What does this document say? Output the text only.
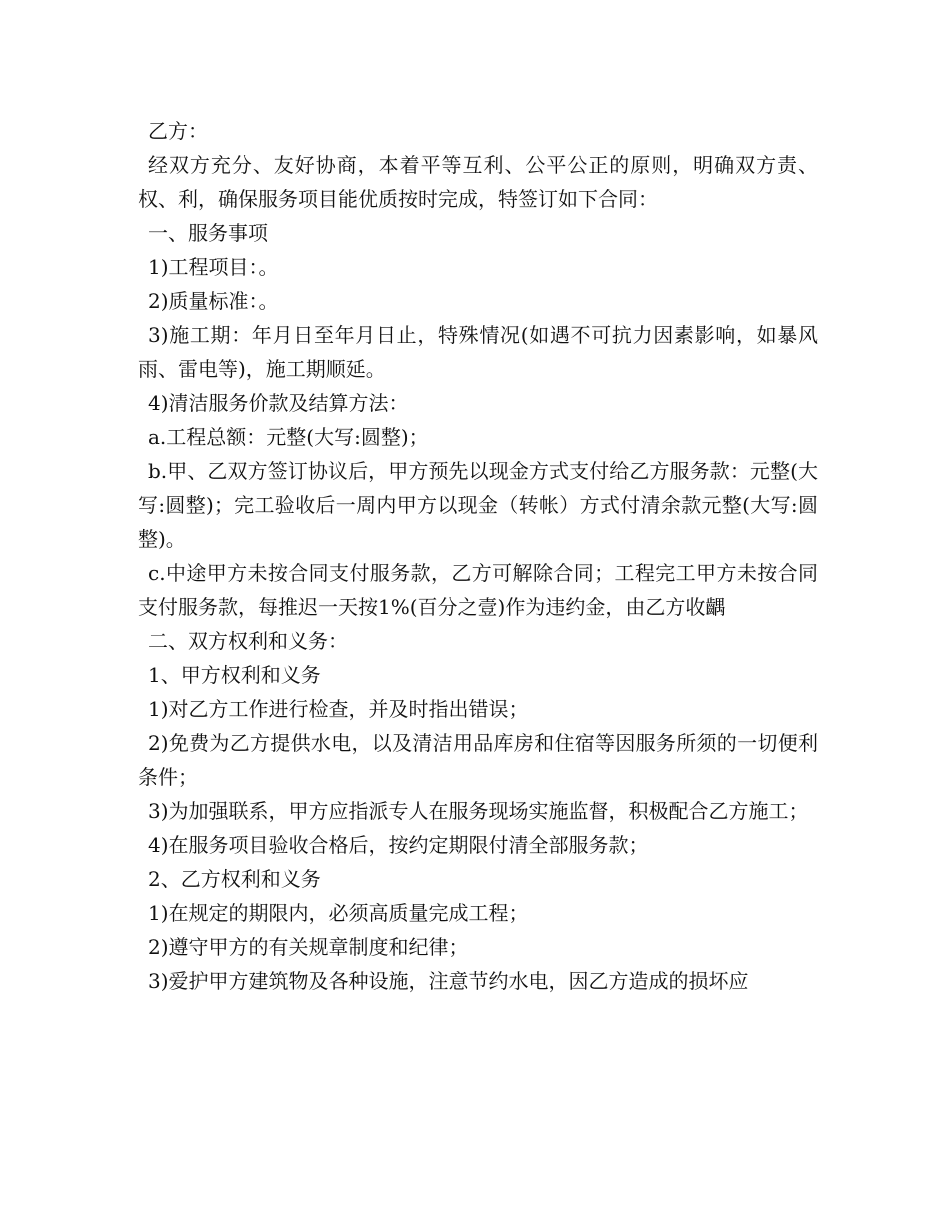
乙方：

经双方充分、友好协商，本着平等互利、公平公正的原则，明确双方责、权、利，确保服务项目能优质按时完成，特签订如下合同：

一、服务事项

1)工程项目：。

2)质量标准：。

3)施工期：年月日至年月日止，特殊情况(如遇不可抗力因素影响，如暴风雨、雷电等)，施工期顺延。

4)清洁服务价款及结算方法：

a.工程总额：元整(大写:圆整)；

b.甲、乙双方签订协议后，甲方预先以现金方式支付给乙方服务款：元整(大写:圆整)；完工验收后一周内甲方以现金（转帐）方式付清余款元整(大写:圆整)。

c.中途甲方未按合同支付服务款，乙方可解除合同；工程完工甲方未按合同支付服务款，每推迟一天按1%(百分之壹)作为违约金，由乙方收齵

二、双方权利和义务：

1、甲方权利和义务

1)对乙方工作进行检查，并及时指出错误；

2)免费为乙方提供水电，以及清洁用品库房和住宿等因服务所须的一切便利条件；

3)为加强联系，甲方应指派专人在服务现场实施监督，积极配合乙方施工；

4)在服务项目验收合格后，按约定期限付清全部服务款；

2、乙方权利和义务

1)在规定的期限内，必须高质量完成工程；

2)遵守甲方的有关规章制度和纪律；

3)爱护甲方建筑物及各种设施，注意节约水电，因乙方造成的损坏应
